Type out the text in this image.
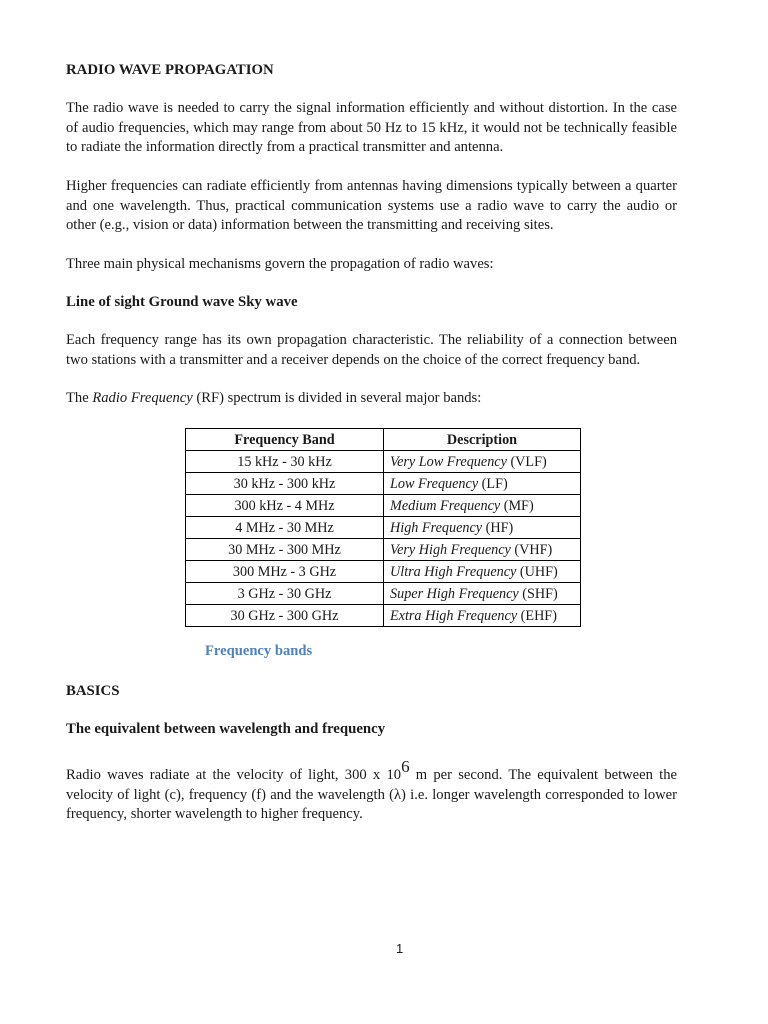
RADIO WAVE PROPAGATION

The radio wave is needed to carry the signal information efficiently and without distortion. In the case of audio frequencies, which may range from about 50 Hz to 15 kHz, it would not be technically feasible to radiate the information directly from a practical transmitter and antenna.

Higher frequencies can radiate efficiently from antennas having dimensions typically between a quarter and one wavelength. Thus, practical communication systems use a radio wave to carry the audio or other (e.g., vision or data) information between the transmitting and receiving sites.

Three main physical mechanisms govern the propagation of radio waves:

Line of sight Ground wave Sky wave

Each frequency range has its own propagation characteristic. The reliability of a connection between two stations with a transmitter and a receiver depends on the choice of the correct frequency band.

The Radio Frequency (RF) spectrum is divided in several major bands:

Frequency Band	Description
15 kHz - 30 kHz	Very Low Frequency (VLF)
30 kHz - 300 kHz	Low Frequency (LF)
300 kHz - 4 MHz	Medium Frequency (MF)
4 MHz - 30 MHz	High Frequency (HF)
30 MHz - 300 MHz	Very High Frequency (VHF)
300 MHz - 3 GHz	Ultra High Frequency (UHF)
3 GHz - 30 GHz	Super High Frequency (SHF)
30 GHz - 300 GHz	Extra High Frequency (EHF)
Frequency bands

BASICS

The equivalent between wavelength and frequency

Radio waves radiate at the velocity of light, 300 x $10^6$ m per second. The equivalent between the velocity of light (c), frequency (f) and the wavelength (λ) i.e. longer wavelength corresponded to lower frequency, shorter wavelength to higher frequency.

1
